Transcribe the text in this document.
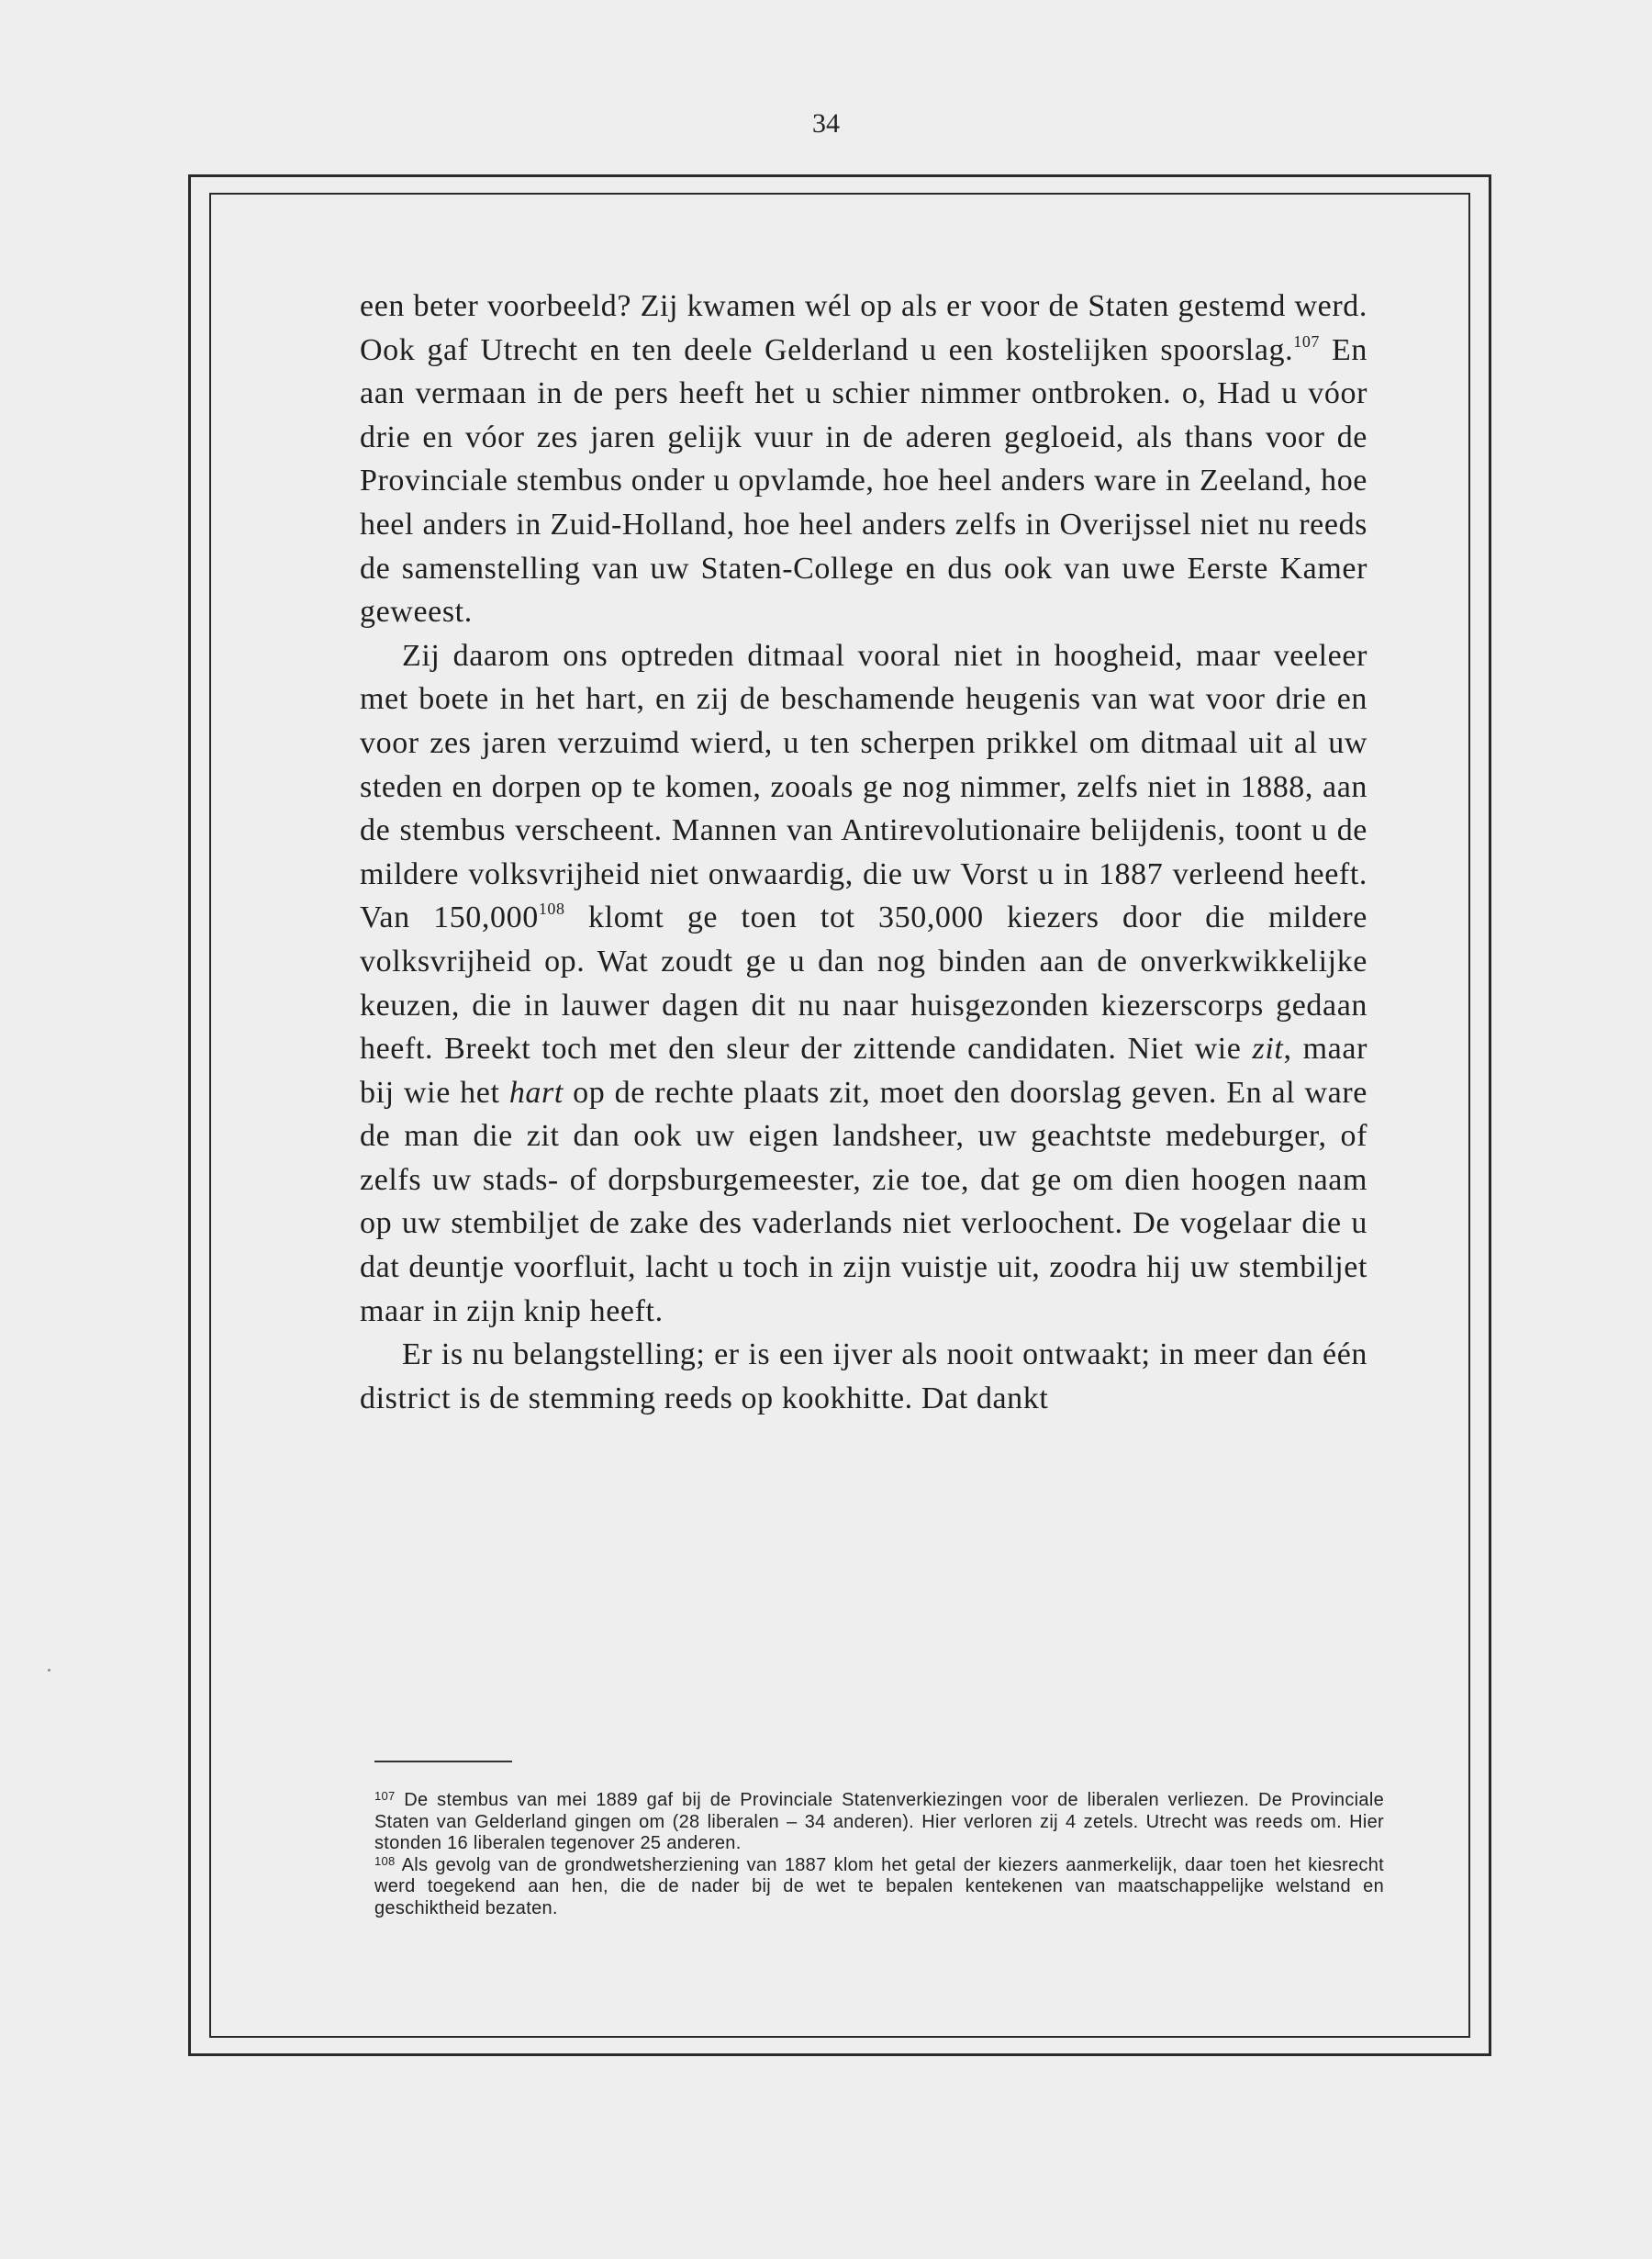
34

een beter voorbeeld? Zij kwamen wél op als er voor de Staten gestemd werd. Ook gaf Utrecht en ten deele Gelderland u een kostelijken spoorslag.$^{107}$ En aan vermaan in de pers heeft het u schier nimmer ontbroken. o, Had u vóor drie en vóor zes jaren gelijk vuur in de aderen gegloeid, als thans voor de Provinciale stembus onder u opvlamde, hoe heel anders ware in Zeeland, hoe heel anders in Zuid-Holland, hoe heel anders zelfs in Overijssel niet nu reeds de samenstelling van uw Staten-College en dus ook van uwe Eerste Kamer geweest.

Zij daarom ons optreden ditmaal vooral niet in hoogheid, maar veeleer met boete in het hart, en zij de beschamende heugenis van wat voor drie en voor zes jaren verzuimd wierd, u ten scherpen prikkel om ditmaal uit al uw steden en dorpen op te komen, zooals ge nog nimmer, zelfs niet in 1888, aan de stembus verscheent. Mannen van Antirevolutionaire belijdenis, toont u de mildere volksvrijheid niet onwaardig, die uw Vorst u in 1887 verleend heeft. Van 150,000$^{108}$ klomt ge toen tot 350,000 kiezers door die mildere volksvrijheid op. Wat zoudt ge u dan nog binden aan de onverkwikkelijke keuzen, die in lauwer dagen dit nu naar huisgezonden kiezerscorps gedaan heeft. Breekt toch met den sleur der zittende candidaten. Niet wie zit, maar bij wie het hart op de rechte plaats zit, moet den doorslag geven. En al ware de man die zit dan ook uw eigen landsheer, uw geachtste medeburger, of zelfs uw stads- of dorpsburgemeester, zie toe, dat ge om dien hoogen naam op uw stembiljet de zake des vaderlands niet verloochent. De vogelaar die u dat deuntje voorfluit, lacht u toch in zijn vuistje uit, zoodra hij uw stembiljet maar in zijn knip heeft.

Er is nu belangstelling; er is een ijver als nooit ontwaakt; in meer dan één district is de stemming reeds op kookhitte. Dat dankt

$^{107}$ De stembus van mei 1889 gaf bij de Provinciale Statenverkiezingen voor de liberalen verliezen. De Provinciale Staten van Gelderland gingen om (28 liberalen – 34 anderen). Hier verloren zij 4 zetels. Utrecht was reeds om. Hier stonden 16 liberalen tegenover 25 anderen.

$^{108}$ Als gevolg van de grondwetsherziening van 1887 klom het getal der kiezers aanmerkelijk, daar toen het kiesrecht werd toegekend aan hen, die de nader bij de wet te bepalen kentekenen van maatschappelijke welstand en geschiktheid bezaten.
